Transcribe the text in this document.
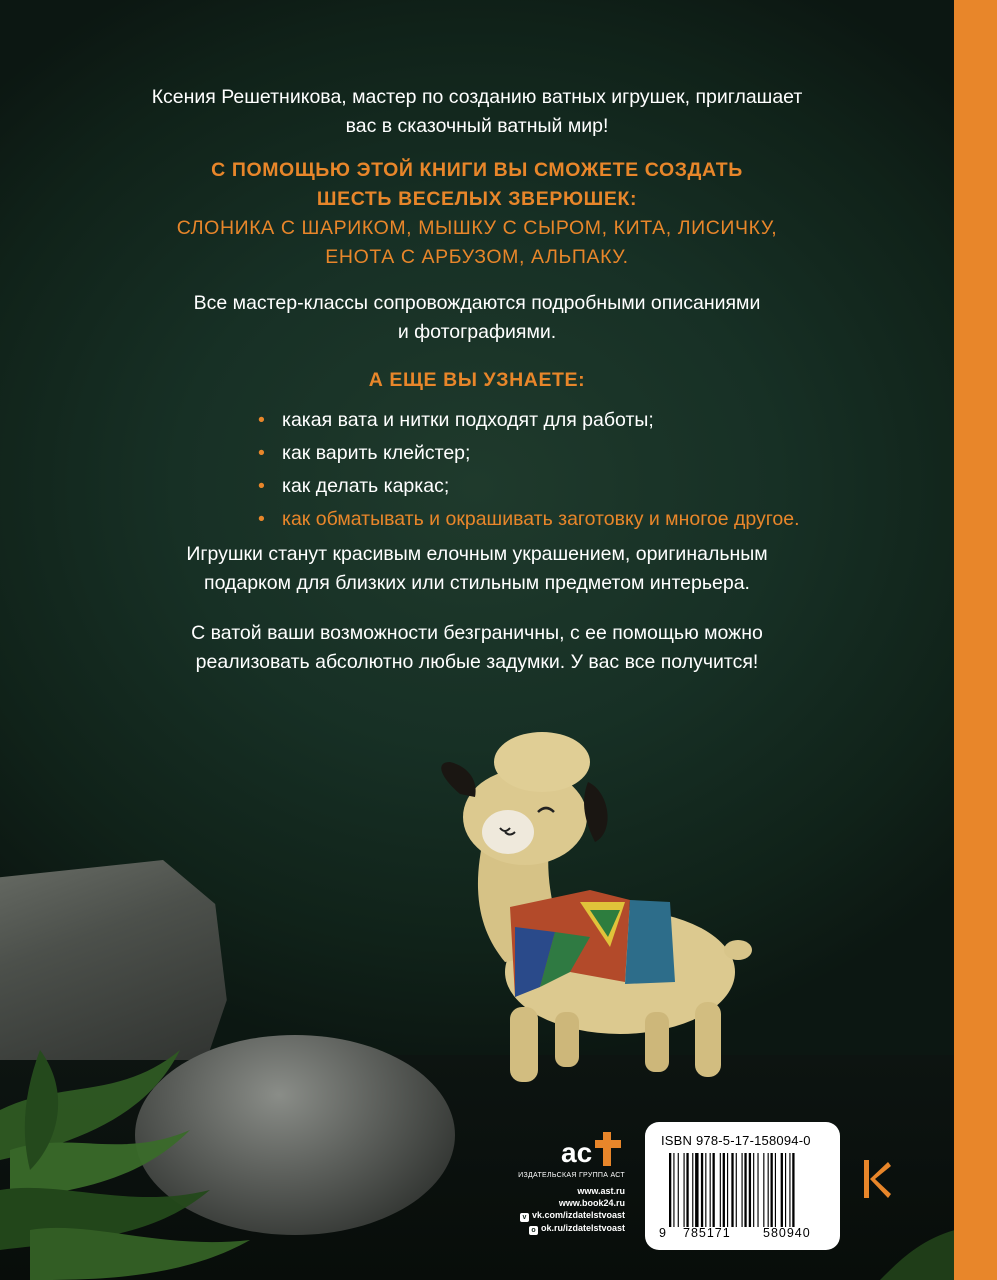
Ксения Решетникова, мастер по созданию ватных игрушек, приглашает
вас в сказочный ватный мир!
С ПОМОЩЬЮ ЭТОЙ КНИГИ ВЫ СМОЖЕТЕ СОЗДАТЬ
ШЕСТЬ ВЕСЕЛЫХ ЗВЕРЮШЕК:
СЛОНИКА С ШАРИКОМ, МЫШКУ С СЫРОМ, КИТА, ЛИСИЧКУ,
ЕНОТА С АРБУЗОМ, АЛЬПАКУ.
Все мастер-классы сопровождаются подробными описаниями
и фотографиями.
А ЕЩЕ ВЫ УЗНАЕТЕ:
• какая вата и нитки подходят для работы;
• как варить клейстер;
• как делать каркас;
• как обматывать и окрашивать заготовку и многое другое.
Игрушки станут красивым елочным украшением, оригинальным
подарком для близких или стильным предметом интерьера.
С ватой ваши возможности безграничны, с ее помощью можно
реализовать абсолютно любые задумки. У вас все получится!
ac
ИЗДАТЕЛЬСКАЯ ГРУППА АСТ
www.ast.ru
www.book24.ru
v vk.com/izdatelstvoast
o ok.ru/izdatelstvoast
ISBN 978-5-17-158094-0
9 785171	580940
